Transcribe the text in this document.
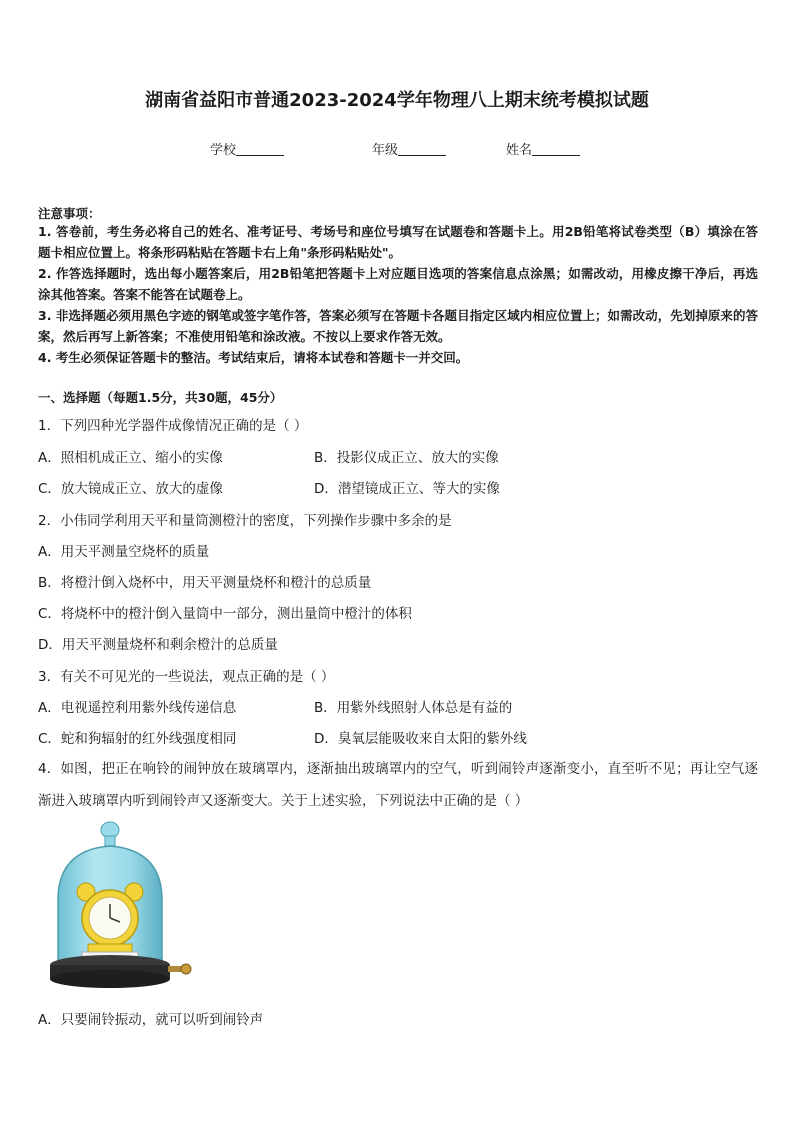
湖南省益阳市普通2023-2024学年物理八上期末统考模拟试题
学校	年级	姓名
注意事项：
1. 答卷前，考生务必将自己的姓名、准考证号、考场号和座位号填写在试题卷和答题卡上。用2B铅笔将试卷类型（B）填涂在答题卡相应位置上。将条形码粘贴在答题卡右上角"条形码粘贴处"。
2. 作答选择题时，选出每小题答案后，用2B铅笔把答题卡上对应题目选项的答案信息点涂黑；如需改动，用橡皮擦干净后，再选涂其他答案。答案不能答在试题卷上。
3. 非选择题必须用黑色字迹的钢笔或签字笔作答，答案必须写在答题卡各题目指定区域内相应位置上；如需改动，先划掉原来的答案，然后再写上新答案；不准使用铅笔和涂改液。不按以上要求作答无效。
4. 考生必须保证答题卡的整洁。考试结束后，请将本试卷和答题卡一并交回。
一、选择题（每题1.5分，共30题，45分）
1．下列四种光学器件成像情况正确的是（ ）
A．照相机成正立、缩小的实像	B．投影仪成正立、放大的实像
C．放大镜成正立、放大的虚像	D．潜望镜成正立、等大的实像
2．小伟同学利用天平和量筒测橙汁的密度，下列操作步骤中多余的是
A．用天平测量空烧杯的质量
B．将橙汁倒入烧杯中，用天平测量烧杯和橙汁的总质量
C．将烧杯中的橙汁倒入量筒中一部分，测出量筒中橙汁的体积
D．用天平测量烧杯和剩余橙汁的总质量
3．有关不可见光的一些说法，观点正确的是（ ）
A．电视遥控利用紫外线传递信息	B．用紫外线照射人体总是有益的
C．蛇和狗辐射的红外线强度相同	D．臭氧层能吸收来自太阳的紫外线
4．如图，把正在响铃的闹钟放在玻璃罩内，逐渐抽出玻璃罩内的空气，听到闹铃声逐渐变小，直至听不见；再让空气逐渐进入玻璃罩内听到闹铃声又逐渐变大。关于上述实验，下列说法中正确的是（ ）
A．只要闹铃振动，就可以听到闹铃声
